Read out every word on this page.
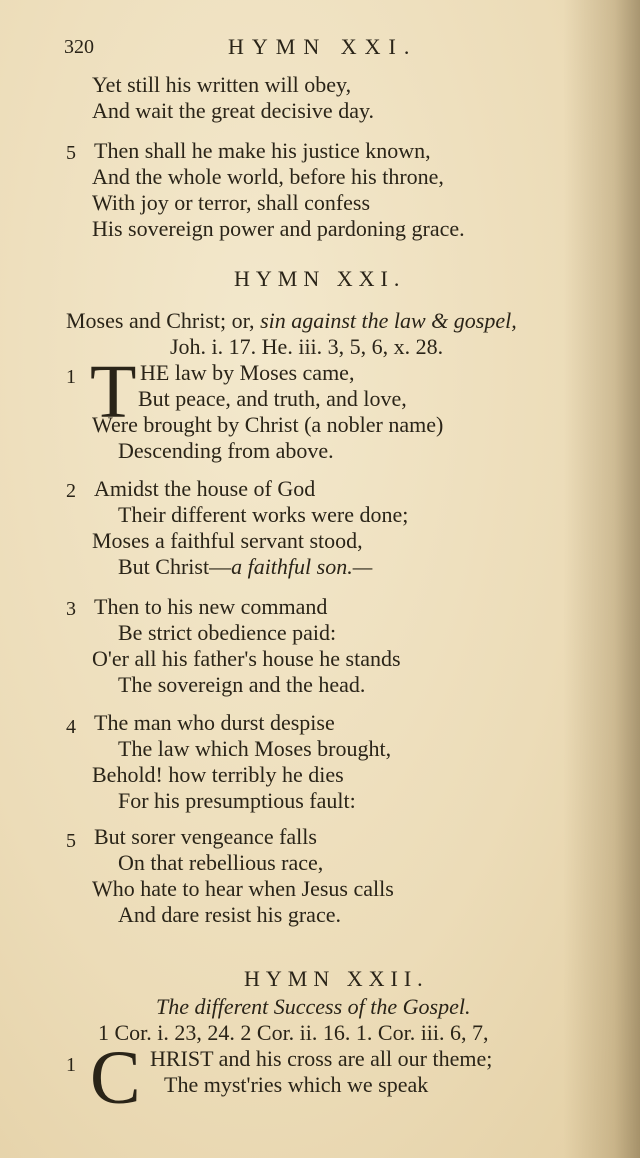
320	HYMN XXI.
Yet still his written will obey,
And wait the great decisive day.
5 Then shall he make his justice known,
And the whole world, before his throne,
With joy or terror, shall confess
His sovereign power and pardoning grace.
HYMN XXI.
Moses and Christ; or, sin against the law & gospel,
Joh. i. 17. He. iii. 3, 5, 6, x. 28.
1 T HE law by Moses came,
But peace, and truth, and love,
Were brought by Christ (a nobler name)
Descending from above.
2 Amidst the house of God
Their different works were done;
Moses a faithful servant stood,
But Christ—a faithful son.—
3 Then to his new command
Be strict obedience paid:
O'er all his father's house he stands
The sovereign and the head.
4 The man who durst despise
The law which Moses brought,
Behold! how terribly he dies
For his presumptious fault:
5 But sorer vengeance falls
On that rebellious race,
Who hate to hear when Jesus calls
And dare resist his grace.
HYMN XXII.
The different Success of the Gospel.
1 Cor. i. 23, 24. 2 Cor. ii. 16. 1. Cor. iii. 6, 7,
1 C HRIST and his cross are all our theme;
The myst'ries which we speak
